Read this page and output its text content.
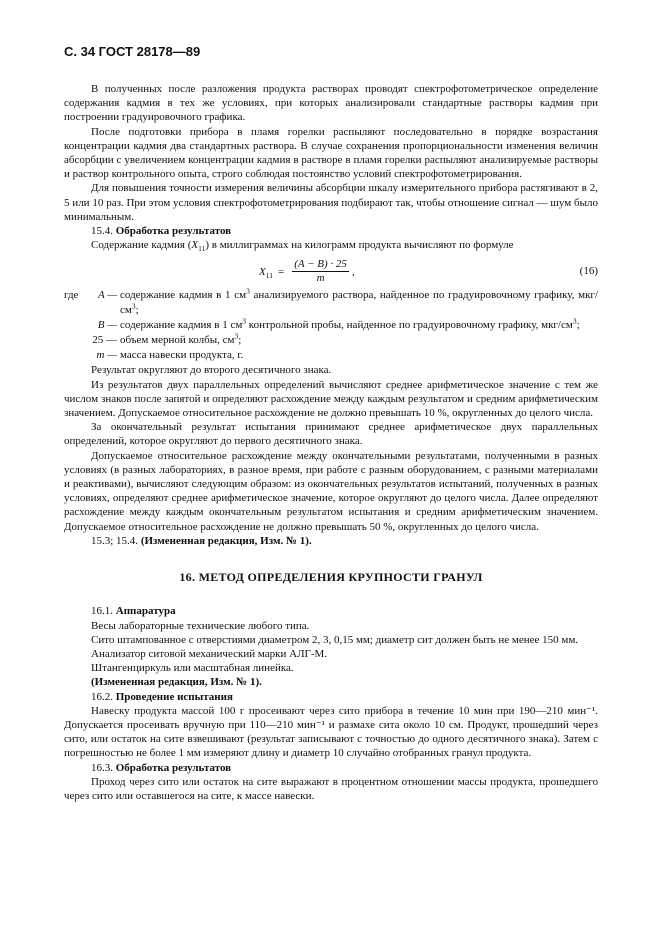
С. 34 ГОСТ 28178—89

В полученных после разложения продукта растворах проводят спектрофотометрическое определение содержания кадмия в тех же условиях, при которых анализировали стандартные растворы кадмия при построении градуировочного графика.

После подготовки прибора в пламя горелки распыляют последовательно в порядке возрастания концентрации кадмия два стандартных раствора. В случае сохранения пропорциональности изменения величин абсорбции с увеличением концентрации кадмия в растворе в пламя горелки распыляют анализируемые растворы и раствор контрольного опыта, строго соблюдая постоянство условий спектрофотометрирования.

Для повышения точности измерения величины абсорбции шкалу измерительного прибора растягивают в 2, 5 или 10 раз. При этом условия спектрофотометрирования подбирают так, чтобы отношение сигнал — шум было минимальным.

15.4. Обработка результатов

Содержание кадмия $(X_{11})$ в миллиграммах на килограмм продукта вычисляют по формуле

$X_{11} = \frac{(A - B) \cdot 25}{m}$ ,	(16)
где	A — содержание кадмия в 1 $см^3$ анализируемого раствора, найденное по градуировочному графику, мкг/$см^3$;
B — содержание кадмия в 1 $см^3$ контрольной пробы, найденное по градуировочному графику, мкг/$см^3$;
25 — объем мерной колбы, $см^3$;
m — масса навески продукта, г.

Результат округляют до второго десятичного знака.

Из результатов двух параллельных определений вычисляют среднее арифметическое значение с тем же числом знаков после запятой и определяют расхождение между каждым результатом и средним арифметическим значением. Допускаемое относительное расхождение не должно превышать 10 %, округленных до целого числа.

За окончательный результат испытания принимают среднее арифметическое двух параллельных определений, которое округляют до первого десятичного знака.

Допускаемое относительное расхождение между окончательными результатами, полученными в разных условиях (в разных лабораториях, в разное время, при работе с разным оборудованием, с разными материалами и реактивами), вычисляют следующим образом: из окончательных результатов испытаний, полученных в разных условиях, определяют среднее арифметическое значение, которое округляют до целого числа. Далее определяют расхождение между каждым окончательным результатом испытания и средним арифметическим значением. Допускаемое относительное расхождение не должно превышать 50 %, округленных до целого числа.

15.3; 15.4. (Измененная редакция, Изм. № 1).

16. МЕТОД ОПРЕДЕЛЕНИЯ КРУПНОСТИ ГРАНУЛ

16.1. Аппаратура

Весы лабораторные технические любого типа.

Сито штампованное с отверстиями диаметром 2, 3, 0,15 мм; диаметр сит должен быть не менее 150 мм.

Анализатор ситовой механический марки АЛГ-М.

Штангенциркуль или масштабная линейка.

(Измененная редакция, Изм. № 1).

16.2. Проведение испытания

Навеску продукта массой 100 г просеивают через сито прибора в течение 10 мин при 190—210 мин⁻¹. Допускается просеивать вручную при 110—210 мин⁻¹ и размахе сита около 10 см. Продукт, прошедший через сито, или остаток на сите взвешивают (результат записывают с точностью до одного десятичного знака). Затем с погрешностью не более 1 мм измеряют длину и диаметр 10 случайно отобранных гранул продукта.

16.3. Обработка результатов

Проход через сито или остаток на сите выражают в процентном отношении массы продукта, прошедшего через сито или оставшегося на сите, к массе навески.
